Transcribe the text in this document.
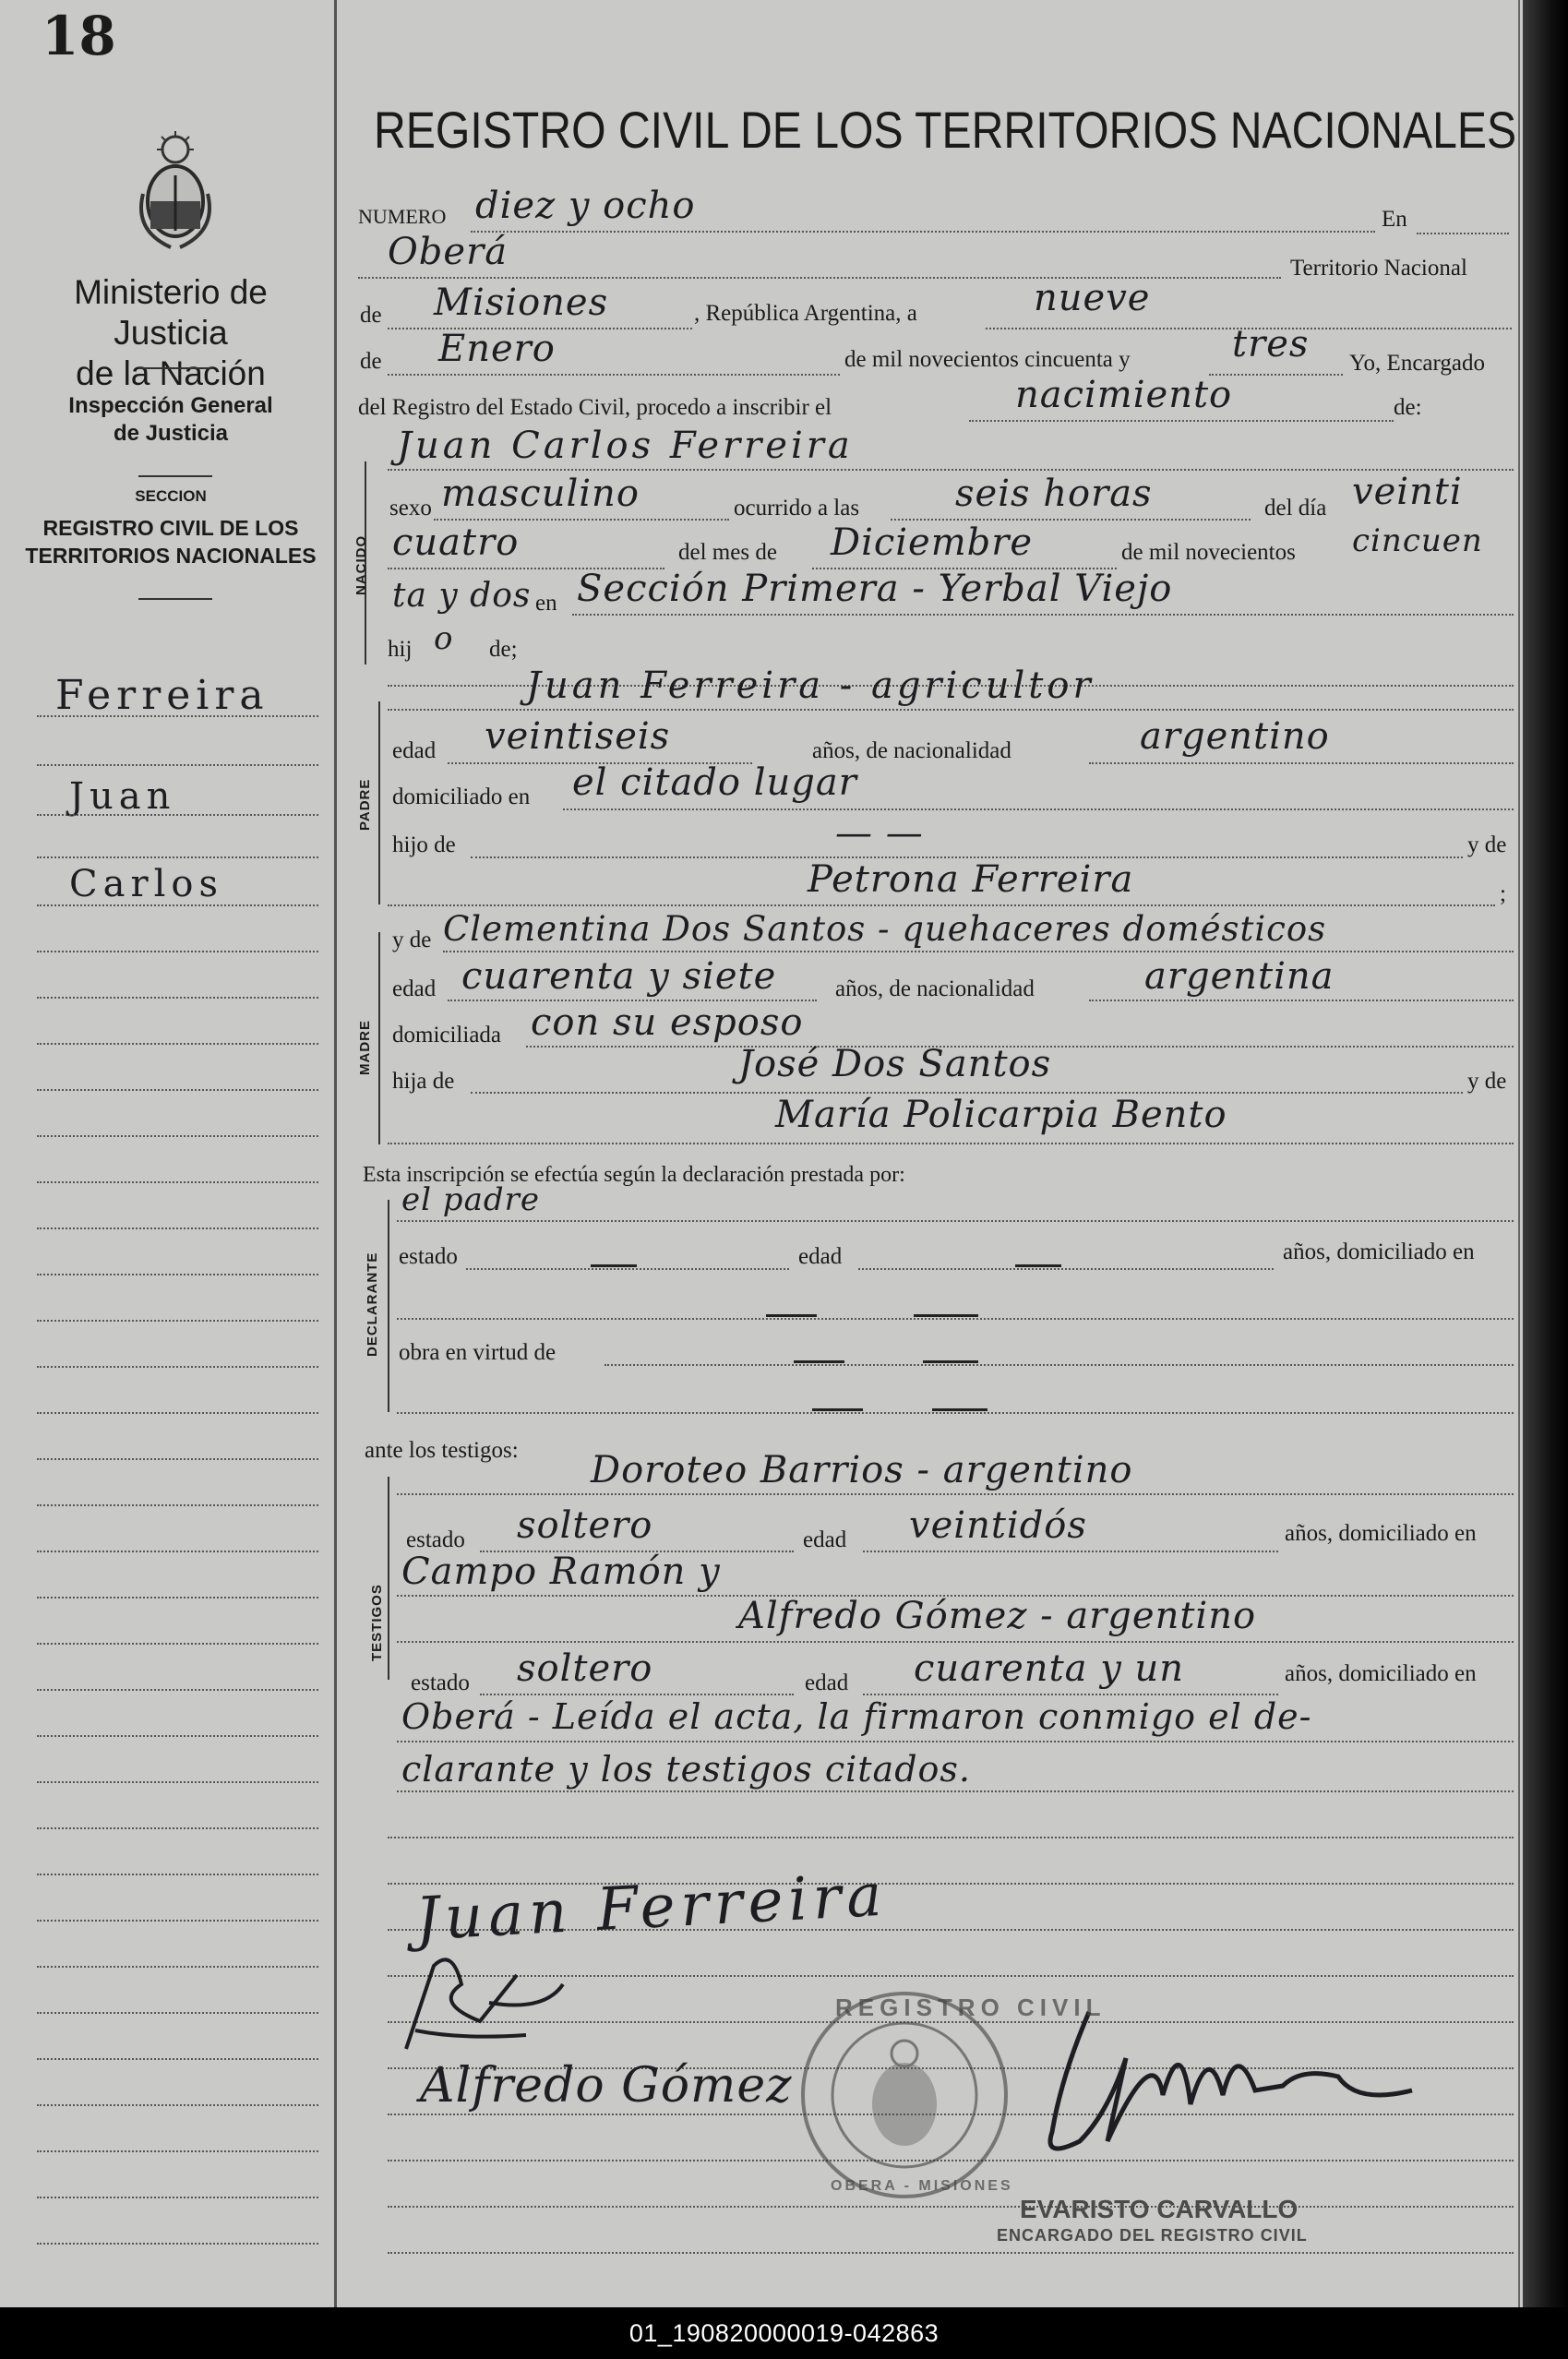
18
Ministerio de Justicia
de la Nación
Inspección General
de Justicia
SECCION
REGISTRO CIVIL DE LOS
TERRITORIOS NACIONALES
Ferreira
Juan
Carlos
REGISTRO CIVIL DE LOS TERRITORIOS NACIONALES
NUMERO diez y ocho	En
Oberá	Territorio Nacional
de Misiones	, República Argentina, a	nueve
de Enero	de mil novecientos cincuenta y	tres Yo, Encargado
del Registro del Estado Civil, procedo a inscribir el	nacimiento	de:
NACIDO
Juan Carlos Ferreira
sexo masculino	ocurrido a las	seis horas	del día veinti
cuatro	del mes de Diciembre	de mil novecientos cincuen
ta y dos en Sección Primera - Yerbal Viejo
hij o de;
PADRE
Juan Ferreira - agricultor
edad veintiseis	años, de nacionalidad	argentino
domiciliado en el citado lugar
hijo de	— —	y de
Petrona Ferreira	;
MADRE
y de Clementina Dos Santos - quehaceres domésticos
edad cuarenta y siete	años, de nacionalidad	argentina
domiciliada con su esposo
hija de	José Dos Santos	y de
María Policarpia Bento
Esta inscripción se efectúa según la declaración prestada por:
DECLARANTE
el padre
estado	edad	años, domiciliado en
obra en virtud de
ante los testigos:
TESTIGOS
Doroteo Barrios - argentino
estado soltero	edad veintidós	años, domiciliado en
Campo Ramón y
Alfredo Gómez - argentino
estado soltero	edad cuarenta y un	años, domiciliado en
Oberá - Leída el acta, la firmaron conmigo el de-
clarante y los testigos citados.
Juan Ferreira
Alfredo Gómez
REGISTRO CIVIL
OBERA - MISIONES
EVARISTO CARVALLO
ENCARGADO DEL REGISTRO CIVIL
01_190820000019-042863
